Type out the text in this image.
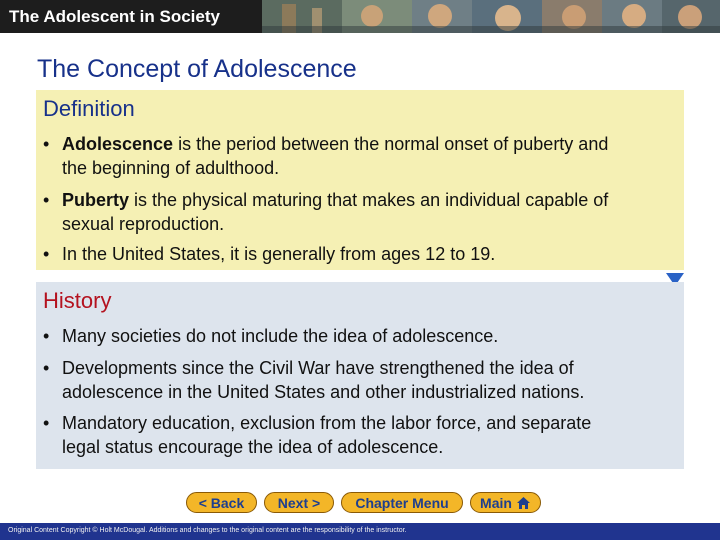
The Adolescent in Society
The Concept of Adolescence
Definition
• Adolescence is the period between the normal onset of puberty and
the beginning of adulthood.
• Puberty is the physical maturing that makes an individual capable of
sexual reproduction.
• In the United States, it is generally from ages 12 to 19.
History
• Many societies do not include the idea of adolescence.
• Developments since the Civil War have strengthened the idea of
adolescence in the United States and other industrialized nations.
• Mandatory education, exclusion from the labor force, and separate
legal status encourage the idea of adolescence.
< Back	Next >	Chapter Menu	Main
Original Content Copyright © Holt McDougal. Additions and changes to the original content are the responsibility of the instructor.
